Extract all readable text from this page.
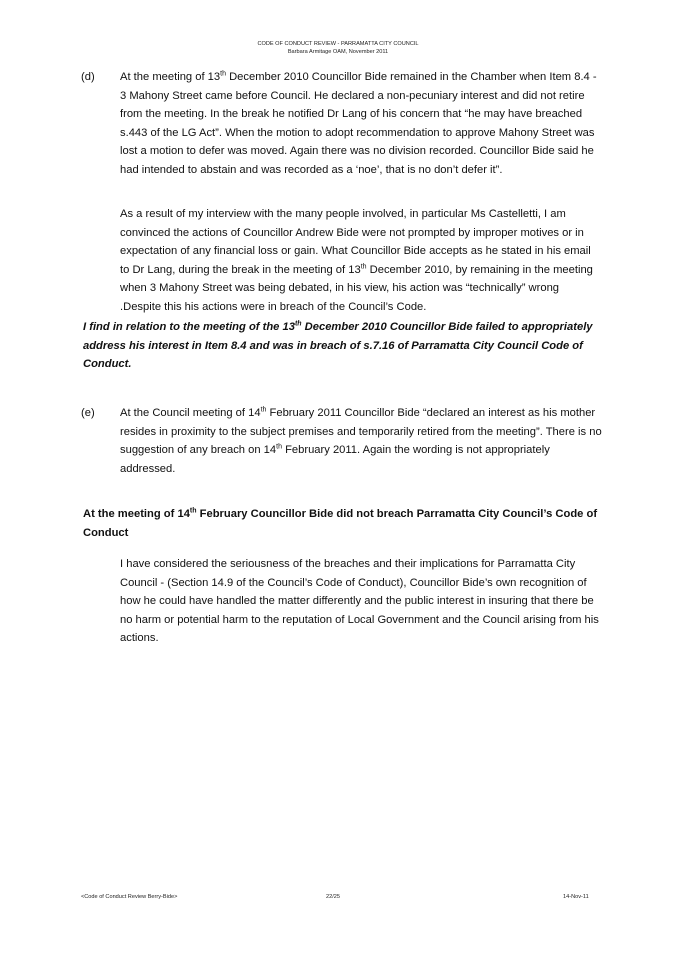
CODE OF CONDUCT REVIEW - PARRAMATTA CITY COUNCIL
Barbara Armitage OAM, November 2011
(d) At the meeting of 13th December 2010 Councillor Bide remained in the Chamber when Item 8.4 - 3 Mahony Street came before Council. He declared a non-pecuniary interest and did not retire from the meeting. In the break he notified Dr Lang of his concern that “he may have breached s.443 of the LG Act”. When the motion to adopt recommendation to approve Mahony Street was lost a motion to defer was moved. Again there was no division recorded. Councillor Bide said he had intended to abstain and was recorded as a ‘noe’, that is no don’t defer it”.
As a result of my interview with the many people involved, in particular Ms Castelletti, I am convinced the actions of Councillor Andrew Bide were not prompted by improper motives or in expectation of any financial loss or gain. What Councillor Bide accepts as he stated in his email to Dr Lang, during the break in the meeting of 13th December 2010, by remaining in the meeting when 3 Mahony Street was being debated, in his view, his action was “technically” wrong .Despite this his actions were in breach of the Council’s Code.
I find in relation to the meeting of the 13th December 2010 Councillor Bide failed to appropriately address his interest in Item 8.4 and was in breach of s.7.16 of Parramatta City Council Code of Conduct.
(e) At the Council meeting of 14th February 2011 Councillor Bide “declared an interest as his mother resides in proximity to the subject premises and temporarily retired from the meeting”. There is no suggestion of any breach on 14th February 2011. Again the wording is not appropriately addressed.
At the meeting of 14th February Councillor Bide did not breach Parramatta City Council’s Code of Conduct
I have considered the seriousness of the breaches and their implications for Parramatta City Council - (Section 14.9 of the Council’s Code of Conduct), Councillor Bide’s own recognition of how he could have handled the matter differently and the public interest in insuring that there be no harm or potential harm to the reputation of Local Government and the Council arising from his actions.
<Code of Conduct Review Berry-Bide>	22/25	14-Nov-11
